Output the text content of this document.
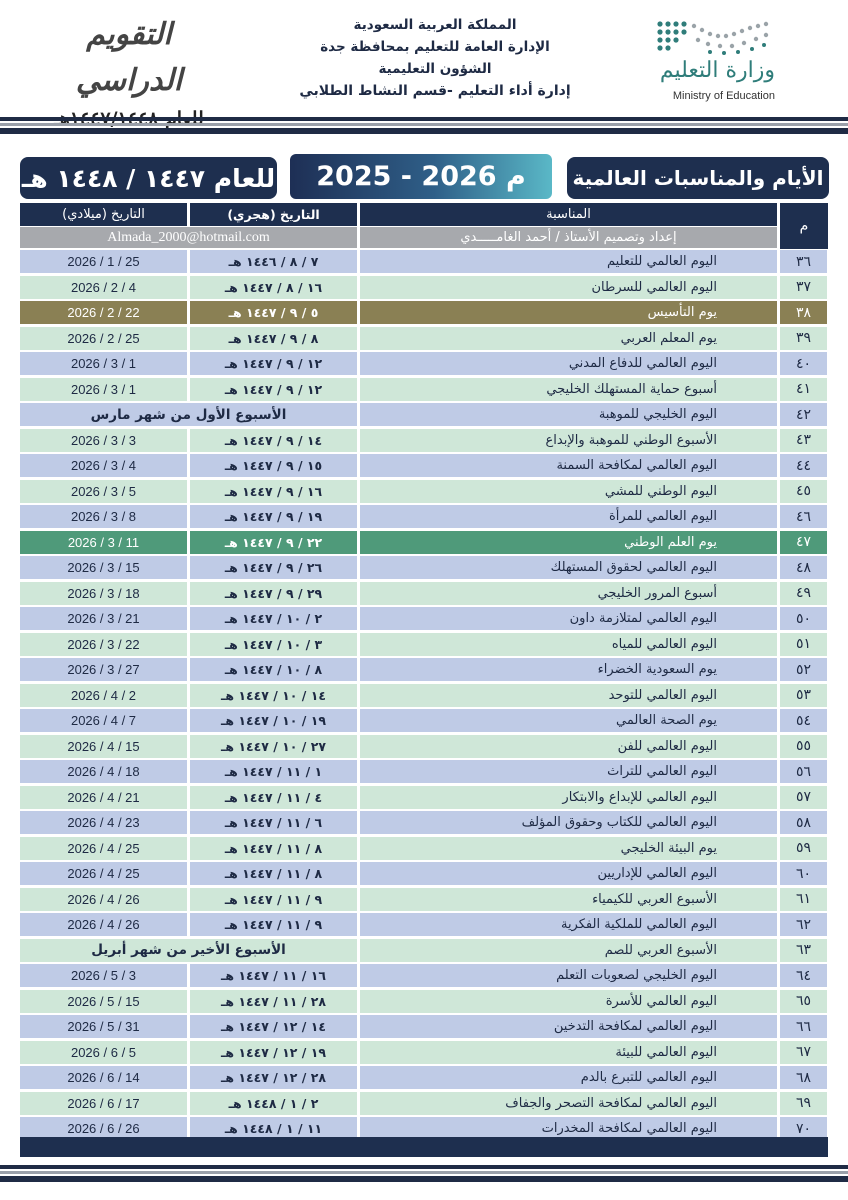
وزارة التعليم
Ministry of Education
المملكة العربية السعودية
الإدارة العامة للتعليم بمحافظة جدة
الشؤون التعليمية
إدارة أداء التعليم -قسم النشاط الطلابي
التقويم الدراسي
للعام ١٤٤٧ / ١٤٤٨ هـ	2025 - 2026 م	الأيام والمناسبات العالمية
المناسبة
التاريخ (هجري)
التاريخ (ميلادي)
م
إعداد وتصميم الأستاذ / أحمد الغامـــــدي
Almada_2000@hotmail.com
٣٦
اليوم العالمي للتعليم
٧ / ٨ / ١٤٤٦ هـ
2026 / 1 / 25
٣٧
اليوم العالمي للسرطان
١٦ / ٨ / ١٤٤٧ هـ
2026 / 2 / 4
٣٨
يوم التأسيس
٥ / ٩ / ١٤٤٧ هـ
2026 / 2 / 22
٣٩
يوم المعلم العربي
٨ / ٩ / ١٤٤٧ هـ
2026 / 2 / 25
٤٠
اليوم العالمي للدفاع المدني
١٢ / ٩ / ١٤٤٧ هـ
2026 / 3 / 1
٤١
أسبوع حماية المستهلك الخليجي
١٢ / ٩ / ١٤٤٧ هـ
2026 / 3 / 1
٤٢
اليوم الخليجي للموهبة
الأسبوع الأول من شهر مارس
٤٣
الأسبوع الوطني للموهبة والإبداع
١٤ / ٩ / ١٤٤٧ هـ
2026 / 3 / 3
٤٤
اليوم العالمي لمكافحة السمنة
١٥ / ٩ / ١٤٤٧ هـ
2026 / 3 / 4
٤٥
اليوم الوطني للمشي
١٦ / ٩ / ١٤٤٧ هـ
2026 / 3 / 5
٤٦
اليوم العالمي للمرأة
١٩ / ٩ / ١٤٤٧ هـ
2026 / 3 / 8
٤٧
يوم العلم الوطني
٢٢ / ٩ / ١٤٤٧ هـ
2026 / 3 / 11
٤٨
اليوم العالمي لحقوق المستهلك
٢٦ / ٩ / ١٤٤٧ هـ
2026 / 3 / 15
٤٩
أسبوع المرور الخليجي
٢٩ / ٩ / ١٤٤٧ هـ
2026 / 3 / 18
٥٠
اليوم العالمي لمتلازمة داون
٢ / ١٠ / ١٤٤٧ هـ
2026 / 3 / 21
٥١
اليوم العالمي للمياه
٣ / ١٠ / ١٤٤٧ هـ
2026 / 3 / 22
٥٢
يوم السعودية الخضراء
٨ / ١٠ / ١٤٤٧ هـ
2026 / 3 / 27
٥٣
اليوم العالمي للتوحد
١٤ / ١٠ / ١٤٤٧ هـ
2026 / 4 / 2
٥٤
يوم الصحة العالمي
١٩ / ١٠ / ١٤٤٧ هـ
2026 / 4 / 7
٥٥
اليوم العالمي للفن
٢٧ / ١٠ / ١٤٤٧ هـ
2026 / 4 / 15
٥٦
اليوم العالمي للتراث
١ / ١١ / ١٤٤٧ هـ
2026 / 4 / 18
٥٧
اليوم العالمي للإبداع والابتكار
٤ / ١١ / ١٤٤٧ هـ
2026 / 4 / 21
٥٨
اليوم العالمي للكتاب وحقوق المؤلف
٦ / ١١ / ١٤٤٧ هـ
2026 / 4 / 23
٥٩
يوم البيئة الخليجي
٨ / ١١ / ١٤٤٧ هـ
2026 / 4 / 25
٦٠
اليوم العالمي للإداريين
٨ / ١١ / ١٤٤٧ هـ
2026 / 4 / 25
٦١
الأسبوع العربي للكيمياء
٩ / ١١ / ١٤٤٧ هـ
2026 / 4 / 26
٦٢
اليوم العالمي للملكية الفكرية
٩ / ١١ / ١٤٤٧ هـ
2026 / 4 / 26
٦٣
الأسبوع العربي للصم
الأسبوع الأخير من شهر أبريل
٦٤
اليوم الخليجي لصعوبات التعلم
١٦ / ١١ / ١٤٤٧ هـ
2026 / 5 / 3
٦٥
اليوم العالمي للأسرة
٢٨ / ١١ / ١٤٤٧ هـ
2026 / 5 / 15
٦٦
اليوم العالمي لمكافحة التدخين
١٤ / ١٢ / ١٤٤٧ هـ
2026 / 5 / 31
٦٧
اليوم العالمي للبيئة
١٩ / ١٢ / ١٤٤٧ هـ
2026 / 6 / 5
٦٨
اليوم العالمي للتبرع بالدم
٢٨ / ١٢ / ١٤٤٧ هـ
2026 / 6 / 14
٦٩
اليوم العالمي لمكافحة التصحر والجفاف
٢ / ١ / ١٤٤٨ هـ
2026 / 6 / 17
٧٠
اليوم العالمي لمكافحة المخدرات
١١ / ١ / ١٤٤٨ هـ
2026 / 6 / 26
